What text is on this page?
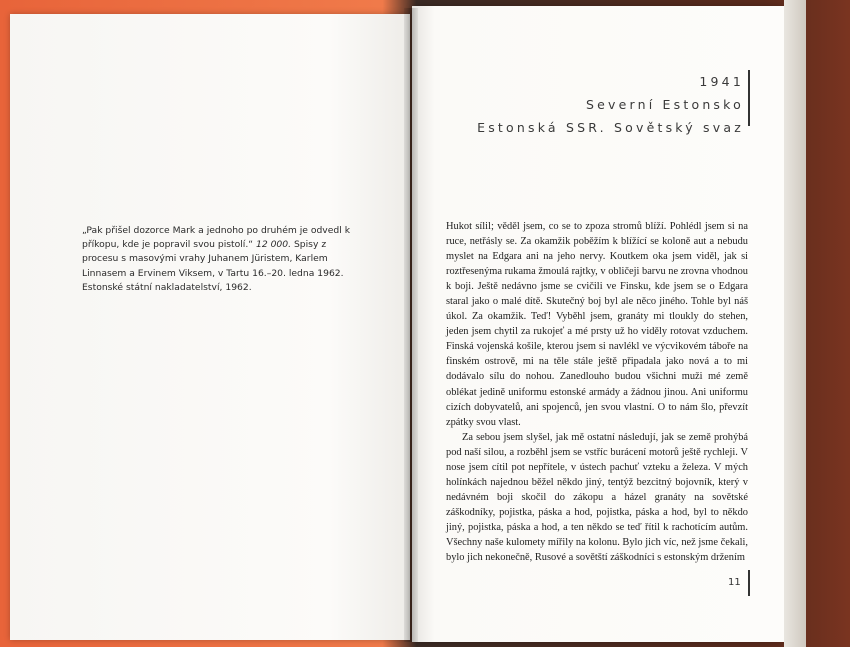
„Pak přišel dozorce Mark a jednoho po druhém je odvedl k příkopu, kde je popravil svou pistolí.“ 12 000. Spisy z procesu s masovými vrahy Juhanem Jüristem, Karlem Linnasem a Ervinem Viksem, v Tartu 16.–20. ledna 1962. Estonské státní nakladatelství, 1962.

1941
Severní Estonsko
Estonská SSR. Sovětský svaz

Hukot sílil; věděl jsem, co se to zpoza stromů blíží. Pohlédl jsem si na ruce, netřásly se. Za okamžik poběžím k blížící se koloně aut a nebudu myslet na Edgara ani na jeho nervy. Koutkem oka jsem viděl, jak si roztřesenýma rukama žmoulá rajtky, v obličeji barvu ne zrovna vhodnou k boji. Ještě nedávno jsme se cvičili ve Finsku, kde jsem se o Edgara staral jako o malé dítě. Skutečný boj byl ale něco jiného. Tohle byl náš úkol. Za okamžik. Teď! Vyběhl jsem, granáty mi tloukly do stehen, jeden jsem chytil za rukojeť a mé prsty už ho viděly rotovat vzduchem. Finská vojenská košile, kterou jsem si navlékl ve výcvikovém táboře na finském ostrově, mi na těle stále ještě připadala jako nová a to mi dodávalo sílu do nohou. Zanedlouho budou všichni muži mé země oblékat jedině uniformu estonské armády a žádnou jinou. Ani uniformu cizích dobyvatelů, ani spojenců, jen svou vlastní. O to nám šlo, převzít zpátky svou vlast.

Za sebou jsem slyšel, jak mě ostatní následují, jak se země prohýbá pod naší silou, a rozběhl jsem se vstříc burácení motorů ještě rychleji. V nose jsem cítil pot nepřítele, v ústech pachuť vzteku a železa. V mých holínkách najednou běžel někdo jiný, tentýž bezcitný bojovník, který v nedávném boji skočil do zákopu a házel granáty na sovětské záškodníky, pojistka, páska a hod, pojistka, páska a hod, byl to někdo jiný, pojistka, páska a hod, a ten někdo se teď řítil k rachotícím autům. Všechny naše kulomety mířily na kolonu. Bylo jich víc, než jsme čekali, bylo jich nekonečně, Rusové a sovětští záškodníci s estonským držením

11
